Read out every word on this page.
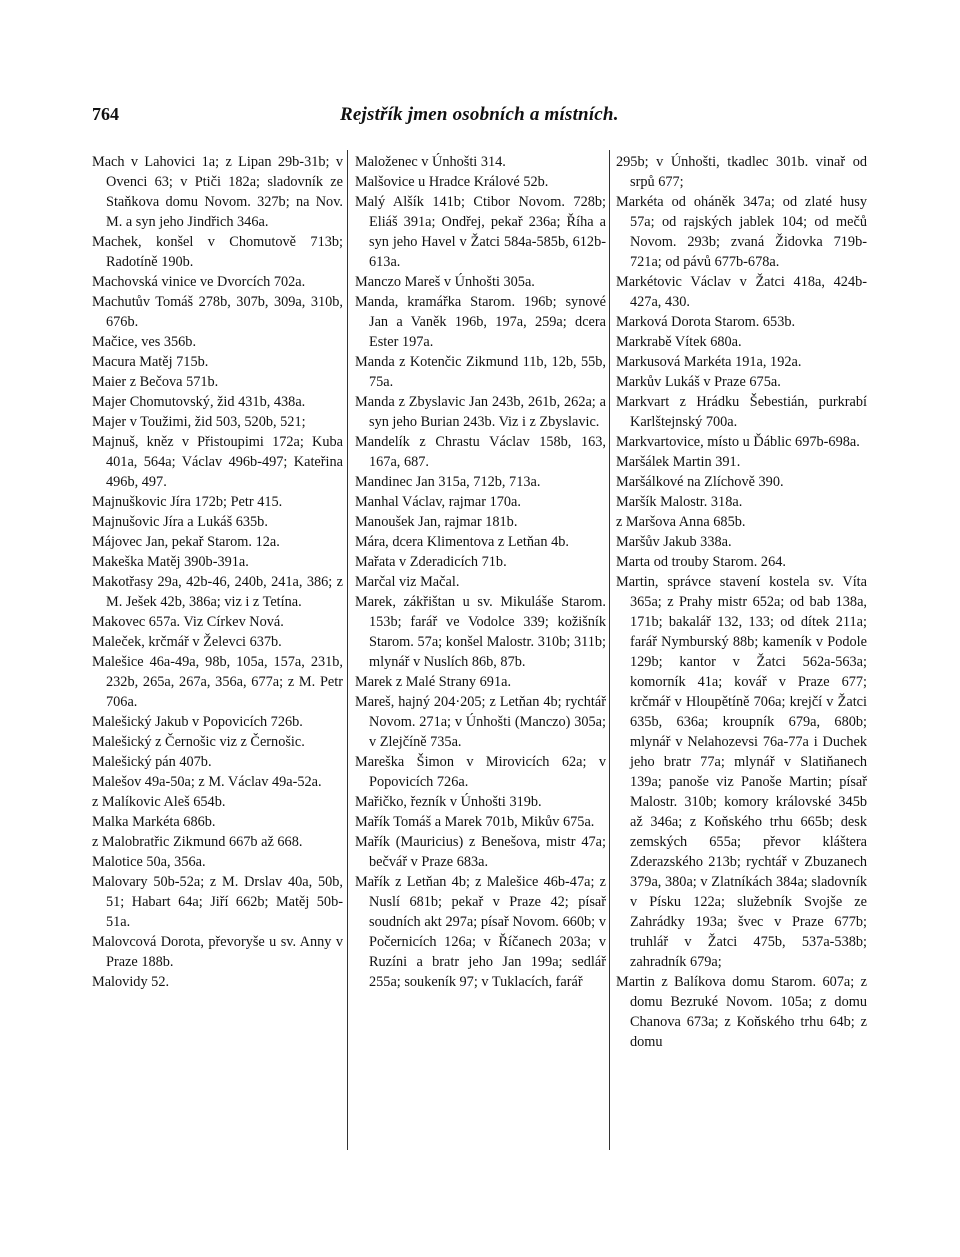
764	Rejstřík jmen osobních a místních.

Mach v Lahovici 1a; z Lipan 29b-31b; v Ovenci 63; v Ptiči 182a; sladovník ze Staňkova domu Novom. 327b; na Nov. M. a syn jeho Jindřich 346a.

Machek, konšel v Chomutově 713b; Radotíně 190b.

Machovská vinice ve Dvorcích 702a.

Machutův Tomáš 278b, 307b, 309a, 310b, 676b.

Mačice, ves 356b.

Macura Matěj 715b.

Maier z Bečova 571b.

Majer Chomutovský, žid 431b, 438a.

Majer v Toužimi, žid 503, 520b, 521;

Majnuš, kněz v Přistoupimi 172a; Kuba 401a, 564a; Václav 496b-497; Kateřina 496b, 497.

Majnuškovic Jíra 172b; Petr 415.

Majnušovic Jíra a Lukáš 635b.

Májovec Jan, pekař Starom. 12a.

Makeška Matěj 390b-391a.

Makotřasy 29a, 42b-46, 240b, 241a, 386; z M. Ješek 42b, 386a; viz i z Tetína.

Makovec 657a. Viz Církev Nová.

Maleček, krčmář v Želevci 637b.

Malešice 46a-49a, 98b, 105a, 157a, 231b, 232b, 265a, 267a, 356a, 677a; z M. Petr 706a.

Malešický Jakub v Popovicích 726b.

Malešický z Černošic viz z Černošic.

Malešický pán 407b.

Malešov 49a-50a; z M. Václav 49a-52a.

z Malíkovic Aleš 654b.

Malka Markéta 686b.

z Malobratřic Zikmund 667b až 668.

Malotice 50a, 356a.

Malovary 50b-52a; z M. Drslav 40a, 50b, 51; Habart 64a; Jiří 662b; Matěj 50b-51a.

Malovcová Dorota, převoryše u sv. Anny v Praze 188b.

Malovidy 52.

Maloženec v Únhošti 314.

Malšovice u Hradce Králové 52b.

Malý Alšík 141b; Ctibor Novom. 728b; Eliáš 391a; Ondřej, pekař 236a; Říha a syn jeho Havel v Žatci 584a-585b, 612b-613a.

Manczo Mareš v Únhošti 305a.

Manda, kramářka Starom. 196b; synové Jan a Vaněk 196b, 197a, 259a; dcera Ester 197a.

Manda z Kotenčic Zikmund 11b, 12b, 55b, 75a.

Manda z Zbyslavic Jan 243b, 261b, 262a; a syn jeho Burian 243b. Viz i z Zbyslavic.

Mandelík z Chrastu Václav 158b, 163, 167a, 687.

Mandinec Jan 315a, 712b, 713a.

Manhal Václav, rajmar 170a.

Manoušek Jan, rajmar 181b.

Mára, dcera Klimentova z Letňan 4b.

Mařata v Zderadicích 71b.

Marčal viz Mačal.

Marek, zákřištan u sv. Mikuláše Starom. 153b; farář ve Vodolce 339; kožišník Starom. 57a; konšel Malostr. 310b; 311b; mlynář v Nuslích 86b, 87b.

Marek z Malé Strany 691a.

Mareš, hajný 204·205; z Letňan 4b; rychtář Novom. 271a; v Únhošti (Manczo) 305a; v Zlejčíně 735a.

Mareška Šimon v Mirovicích 62a; v Popovicích 726a.

Mařičko, řezník v Únhošti 319b.

Mařík Tomáš a Marek 701b, Mikův 675a.

Mařík (Mauricius) z Benešova, mistr 47a; bečvář v Praze 683a.

Mařík z Letňan 4b; z Malešice 46b-47a; z Nuslí 681b; pekař v Praze 42; písař soudních akt 297a; písař Novom. 660b; v Počernicích 126a; v Říčanech 203a; v Ruzíni a bratr jeho Jan 199a; sedlář 255a; soukeník 97; v Tuklacích, farář

295b; v Únhošti, tkadlec 301b. vinař od srpů 677;

Markéta od oháněk 347a; od zlaté husy 57a; od rajských jablek 104; od mečů Novom. 293b; zvaná Židovka 719b-721a; od pávů 677b-678a.

Markétovic Václav v Žatci 418a, 424b-427a, 430.

Marková Dorota Starom. 653b.

Markrabě Vítek 680a.

Markusová Markéta 191a, 192a.

Markův Lukáš v Praze 675a.

Markvart z Hrádku Šebestián, purkrabí Karlštejnský 700a.

Markvartovice, místo u Ďáblic 697b-698a.

Maršálek Martin 391.

Maršálkové na Zlíchově 390.

Maršík Malostr. 318a.

z Maršova Anna 685b.

Maršův Jakub 338a.

Marta od trouby Starom. 264.

Martin, správce stavení kostela sv. Víta 365a; z Prahy mistr 652a; od bab 138a, 171b; bakalář 132, 133; od dítek 211a; farář Nymburský 88b; kameník v Podole 129b; kantor v Žatci 562a-563a; komorník 41a; kovář v Praze 677; krčmář v Hloupětíně 706a; krejčí v Žatci 635b, 636a; kroupník 679a, 680b; mlynář v Nelahozevsi 76a-77a i Duchek jeho bratr 77a; mlynář v Slatiňanech 139a; panoše viz Panoše Martin; písař Malostr. 310b; komory královské 345b až 346a; z Koňského trhu 665b; desk zemských 655a; převor kláštera Zderazského 213b; rychtář v Zbuzanech 379a, 380a; v Zlatníkách 384a; sladovník v Písku 122a; služebník Svojše ze Zahrádky 193a; švec v Praze 677b; truhlář v Žatci 475b, 537a-538b; zahradník 679a;

Martin z Balíkova domu Starom. 607a; z domu Bezruké Novom. 105a; z domu Chanova 673a; z Koňského trhu 64b; z domu
